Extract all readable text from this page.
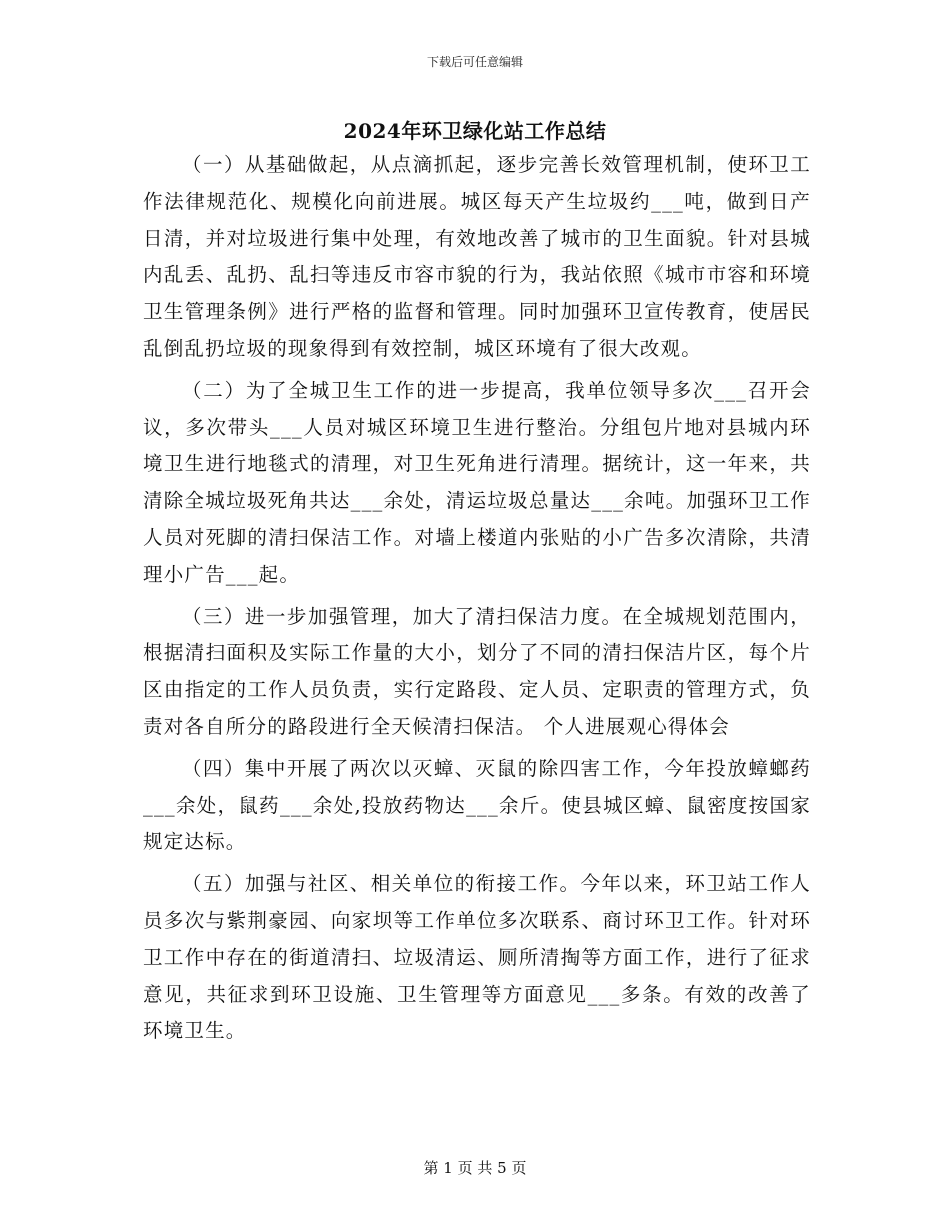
下载后可任意编辑
2024年环卫绿化站工作总结

（一）从基础做起，从点滴抓起，逐步完善长效管理机制，使环卫工作法律规范化、规模化向前进展。城区每天产生垃圾约___吨，做到日产日清，并对垃圾进行集中处理，有效地改善了城市的卫生面貌。针对县城内乱丢、乱扔、乱扫等违反市容市貌的行为，我站依照《城市市容和环境卫生管理条例》进行严格的监督和管理。同时加强环卫宣传教育，使居民乱倒乱扔垃圾的现象得到有效控制，城区环境有了很大改观。

（二）为了全城卫生工作的进一步提高，我单位领导多次___召开会议，多次带头___人员对城区环境卫生进行整治。分组包片地对县城内环境卫生进行地毯式的清理，对卫生死角进行清理。据统计，这一年来，共清除全城垃圾死角共达___余处，清运垃圾总量达___余吨。加强环卫工作人员对死脚的清扫保洁工作。对墙上楼道内张贴的小广告多次清除，共清理小广告___起。

（三）进一步加强管理，加大了清扫保洁力度。在全城规划范围内，根据清扫面积及实际工作量的大小，划分了不同的清扫保洁片区，每个片区由指定的工作人员负责，实行定路段、定人员、定职责的管理方式，负责对各自所分的路段进行全天候清扫保洁。 个人进展观心得体会

（四）集中开展了两次以灭蟑、灭鼠的除四害工作，今年投放蟑螂药___余处，鼠药___余处,投放药物达___余斤。使县城区蟑、鼠密度按国家规定达标。

（五）加强与社区、相关单位的衔接工作。今年以来，环卫站工作人员多次与紫荆豪园、向家坝等工作单位多次联系、商讨环卫工作。针对环卫工作中存在的街道清扫、垃圾清运、厕所清掏等方面工作，进行了征求意见，共征求到环卫设施、卫生管理等方面意见___多条。有效的改善了环境卫生。

第 1 页 共 5 页
